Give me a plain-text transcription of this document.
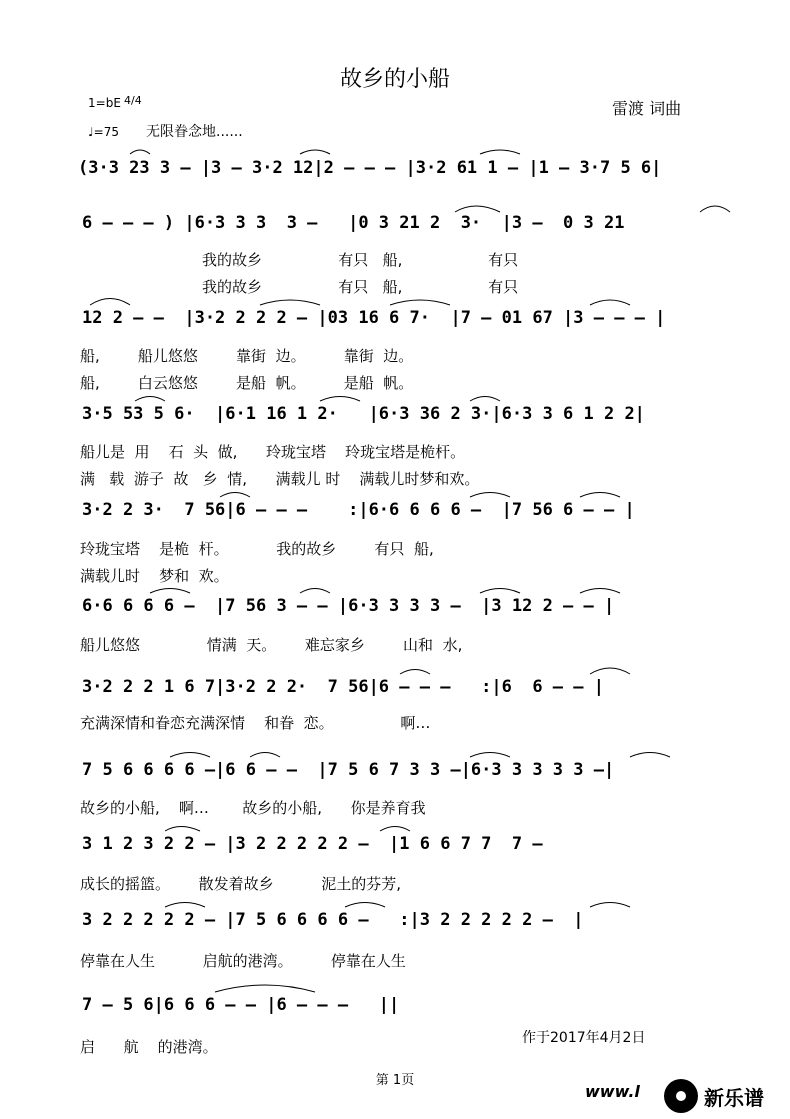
故乡的小船
雷渡 词曲
1=bE 4/4
♩=75 无限眷念地......
(3·3 23 3 – |3 – 3·2 12|2 – – – |3·2 61 1 – |1 – 3·7 5 6|
6 – – – ) |6·3 3 3  3 –   |0 3 21 2  3·  |3 –  0 3 21
12 2 – –  |3·2 2 2 2 – |03 16 6 7·  |7 – 01 67 |3 – – – |
3·5 53 5 6·  |6·1 16 1 2·   |6·3 36 2 3·|6·3 3 6 1 2 2|
3·2 2 3·  7 56|6 – – –    :|6·6 6 6 6 –  |7 56 6 – – |
6·6 6 6 6 –  |7 56 3 – – |6·3 3 3 3 –  |3 12 2 – – |
3·2 2 2 1 6 7|3·2 2 2·  7 56|6 – – –   :|6  6 – – |
7 5 6 6 6 6 –|6 6 – –  |7 5 6 7 3 3 –|6·3 3 3 3 3 –|
3 1 2 3 2 2 – |3 2 2 2 2 2 –  |1 6 6 7 7  7 –
3 2 2 2 2 2 – |7 5 6 6 6 6 –   :|3 2 2 2 2 2 –  |
7 – 5 6|6 6 6 – – |6 – – –   ||
我的故乡                有只   船,                  有只
我的故乡                有只   船,                  有只
船,        船儿悠悠        靠街  边。        靠街  边。
船,        白云悠悠        是船  帆。        是船  帆。
船儿是  用    石  头  做,      玲珑宝塔    玲珑宝塔是桅杆。
满   载  游子  故   乡  情,      满载儿 时    满载儿时梦和欢。
玲珑宝塔    是桅  杆。          我的故乡        有只  船,
满载儿时    梦和  欢。
船儿悠悠              情满  天。      难忘家乡        山和  水,
充满深情和眷恋充满深情    和眷  恋。              啊…
故乡的小船,    啊…       故乡的小船,      你是养育我
成长的摇篮。      散发着故乡          泥土的芬芳,
停靠在人生          启航的港湾。        停靠在人生
启      航    的港湾。	作于2017年4月2日
第 1页
www.l	新乐谱
